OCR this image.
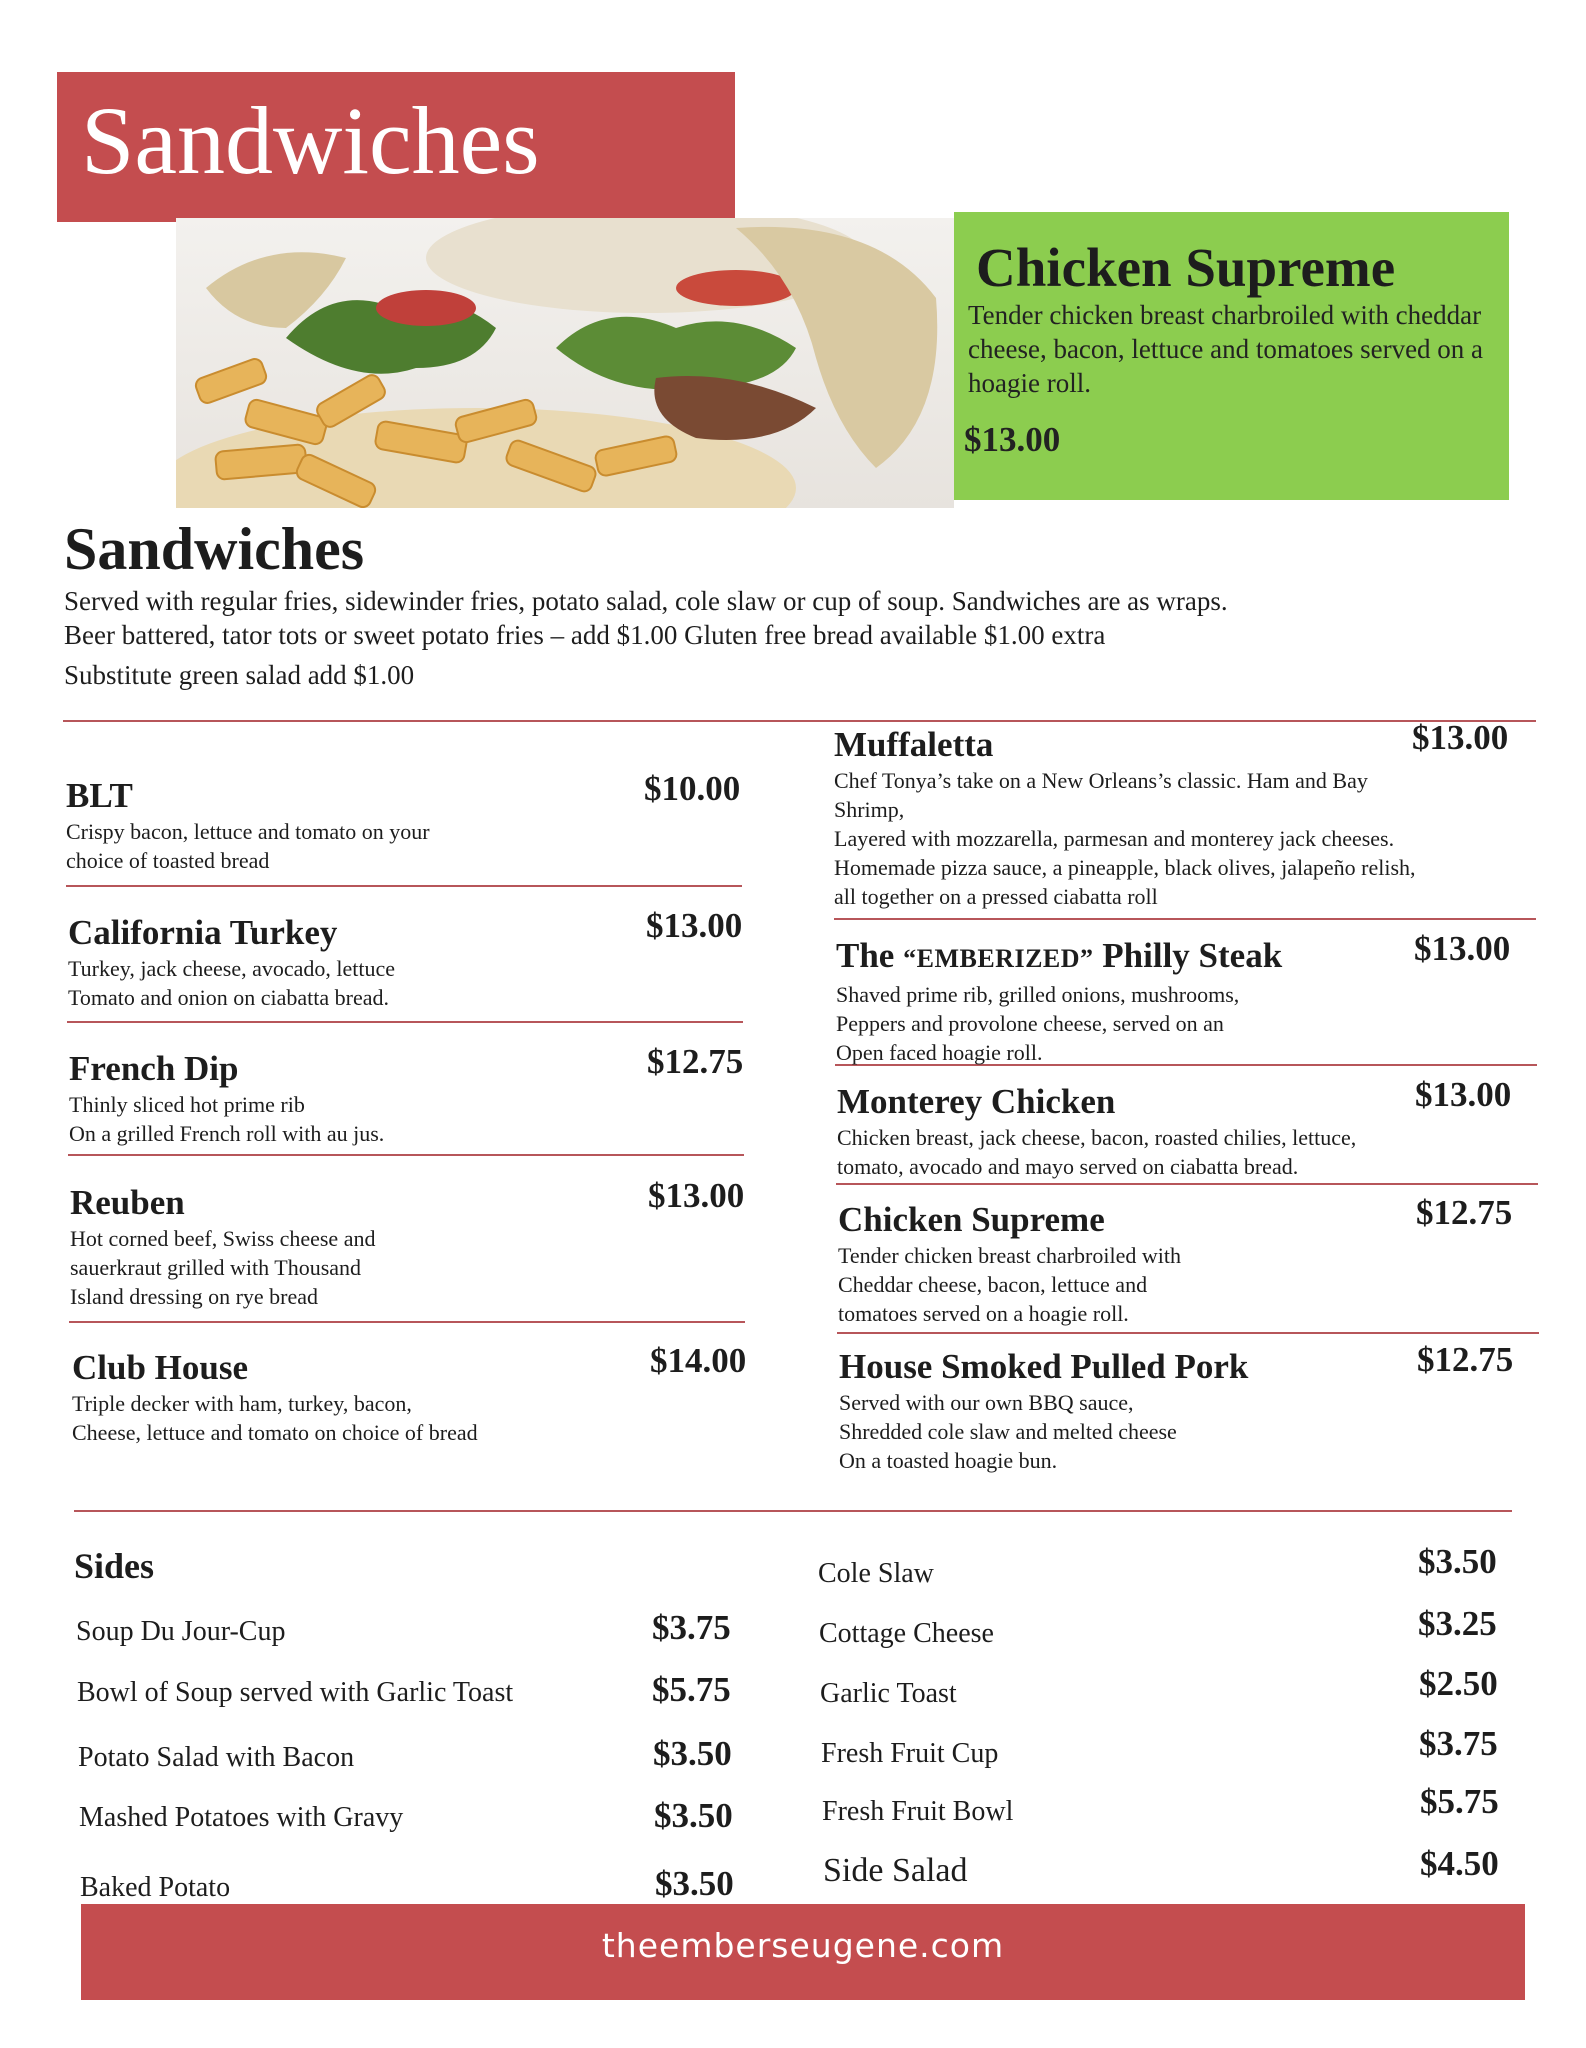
Sandwiches
Chicken Supreme
Tender chicken breast charbroiled with cheddar cheese, bacon, lettuce and tomatoes served on a hoagie roll.
$13.00
Sandwiches
Served with regular fries, sidewinder fries, potato salad, cole slaw or cup of soup. Sandwiches are as wraps.
Beer battered, tator tots or sweet potato fries – add $1.00 Gluten free bread available $1.00 extra
Substitute green salad add $1.00
BLT	$10.00
Crispy bacon, lettuce and tomato on your
choice of toasted bread
California Turkey	$13.00
Turkey, jack cheese, avocado, lettuce
Tomato and onion on ciabatta bread.
French Dip	$12.75
Thinly sliced hot prime rib
On a grilled French roll with au jus.
Reuben	$13.00
Hot corned beef, Swiss cheese and
sauerkraut grilled with Thousand
Island dressing on rye bread
Club House	$14.00
Triple decker with ham, turkey, bacon,
Cheese, lettuce and tomato on choice of bread
Muffaletta	$13.00
Chef Tonya’s take on a New Orleans’s classic. Ham and Bay
Shrimp,
Layered with mozzarella, parmesan and monterey jack cheeses.
Homemade pizza sauce, a pineapple, black olives, jalapeño relish,
all together on a pressed ciabatta roll
The “EMBERIZED” Philly Steak	$13.00
Shaved prime rib, grilled onions, mushrooms,
Peppers and provolone cheese, served on an
Open faced hoagie roll.
Monterey Chicken	$13.00
Chicken breast, jack cheese, bacon, roasted chilies, lettuce,
tomato, avocado and mayo served on ciabatta bread.
Chicken Supreme	$12.75
Tender chicken breast charbroiled with
Cheddar cheese, bacon, lettuce and
tomatoes served on a hoagie roll.
House Smoked Pulled Pork	$12.75
Served with our own BBQ sauce,
Shredded cole slaw and melted cheese
On a toasted hoagie bun.
Sides
Soup Du Jour-Cup	$3.75
Bowl of Soup served with Garlic Toast	$5.75
Potato Salad with Bacon	$3.50
Mashed Potatoes with Gravy	$3.50
Baked Potato	$3.50
Cole Slaw	$3.50
Cottage Cheese	$3.25
Garlic Toast	$2.50
Fresh Fruit Cup	$3.75
Fresh Fruit Bowl	$5.75
Side Salad	$4.50
theemberseugene.com
